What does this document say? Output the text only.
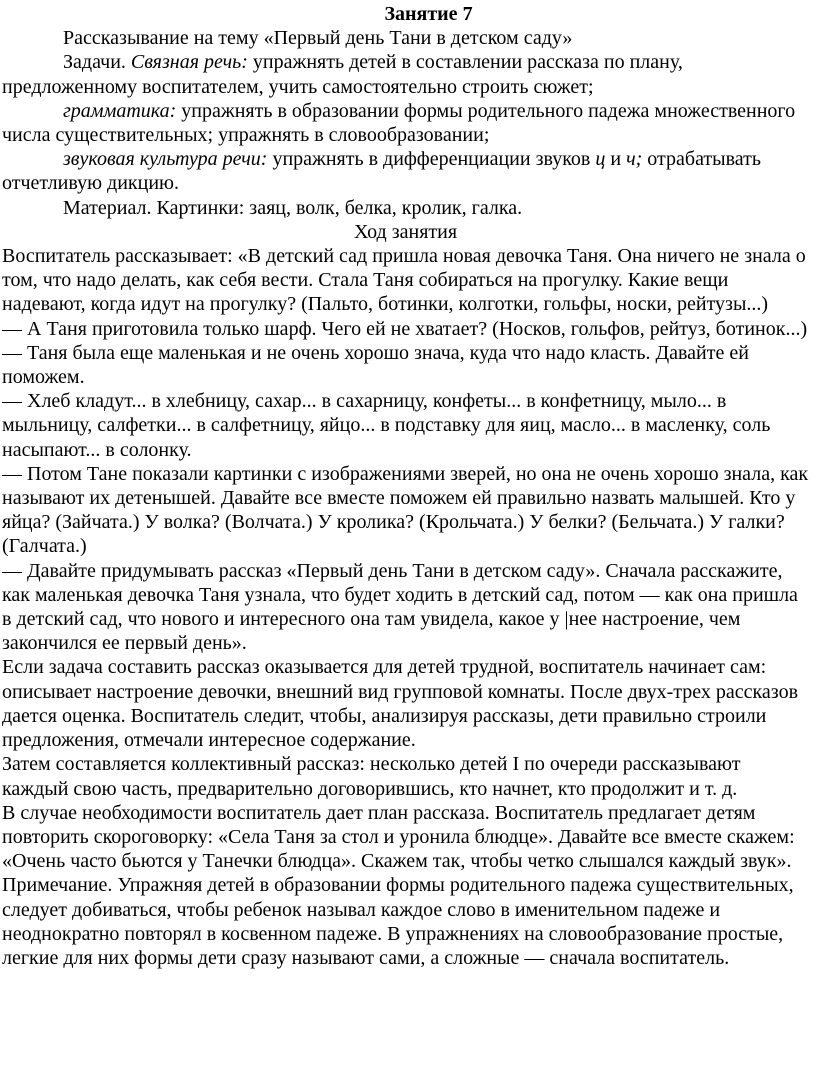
Занятие 7

Рассказывание на тему «Первый день Тани в детском саду»

Задачи. Связная речь: упражнять детей в составлении рассказа по плану, предложенному воспитателем, учить самостоятельно строить сюжет;

грамматика: упражнять в образовании формы родительного падежа множественного числа существительных; упражнять в словообразовании;

звуковая культура речи: упражнять в дифференциации звуков ц и ч; отрабатывать отчетливую дикцию.

Материал. Картинки: заяц, волк, белка, кролик, галка.

Ход занятия

Воспитатель рассказывает: «В детский сад пришла новая девочка Таня. Она ничего не знала о том, что надо делать, как себя вести. Стала Таня собираться на прогулку. Какие вещи надевают, когда идут на прогулку? (Пальто, ботинки, колготки, гольфы, носки, рейтузы...)

— А Таня приготовила только шарф. Чего ей не хватает? (Носков, гольфов, рейтуз, ботинок...)

— Таня была еще маленькая и не очень хорошо знача, куда что надо класть. Давайте ей поможем.

— Хлеб кладут... в хлебницу, сахар... в сахарницу, конфеты... в конфетницу, мыло... в мыльницу, салфетки... в салфетницу, яйцо... в подставку для яиц, масло... в масленку, соль насыпают... в солонку.

— Потом Тане показали картинки с изображениями зверей, но она не очень хорошо знала, как называют их детенышей. Давайте все вместе поможем ей правильно назвать малышей. Кто у яйца? (Зайчата.) У волка? (Волчата.) У кролика? (Крольчата.) У белки? (Бельчата.) У галки? (Галчата.)

— Давайте придумывать рассказ «Первый день Тани в детском саду». Сначала расскажите, как маленькая девочка Таня узнала, что будет ходить в детский сад, потом — как она пришла в детский сад, что нового и интересного она там увидела, какое у |нее настроение, чем закончился ее первый день».

Если задача составить рассказ оказывается для детей трудной, воспитатель начинает сам: описывает настроение девочки, внешний вид групповой комнаты. После двух-трех рассказов дается оценка. Воспитатель следит, чтобы, анализируя рассказы, дети правильно строили предложения, отмечали интересное содержание.

Затем составляется коллективный рассказ: несколько детей I по очереди рассказывают каждый свою часть, предварительно договорившись, кто начнет, кто продолжит и т. д.

В случае необходимости воспитатель дает план рассказа. Воспитатель предлагает детям повторить скороговорку: «Села Таня за стол и уронила блюдце». Давайте все вместе скажем: «Очень часто бьются у Танечки блюдца». Скажем так, чтобы четко слышался каждый звук».

Примечание. Упражняя детей в образовании формы родительного падежа существительных, следует добиваться, чтобы ребенок называл каждое слово в именительном падеже и неоднократно повторял в косвенном падеже. В упражнениях на словообразование простые, легкие для них формы дети сразу называют сами, а сложные — сначала воспитатель.
